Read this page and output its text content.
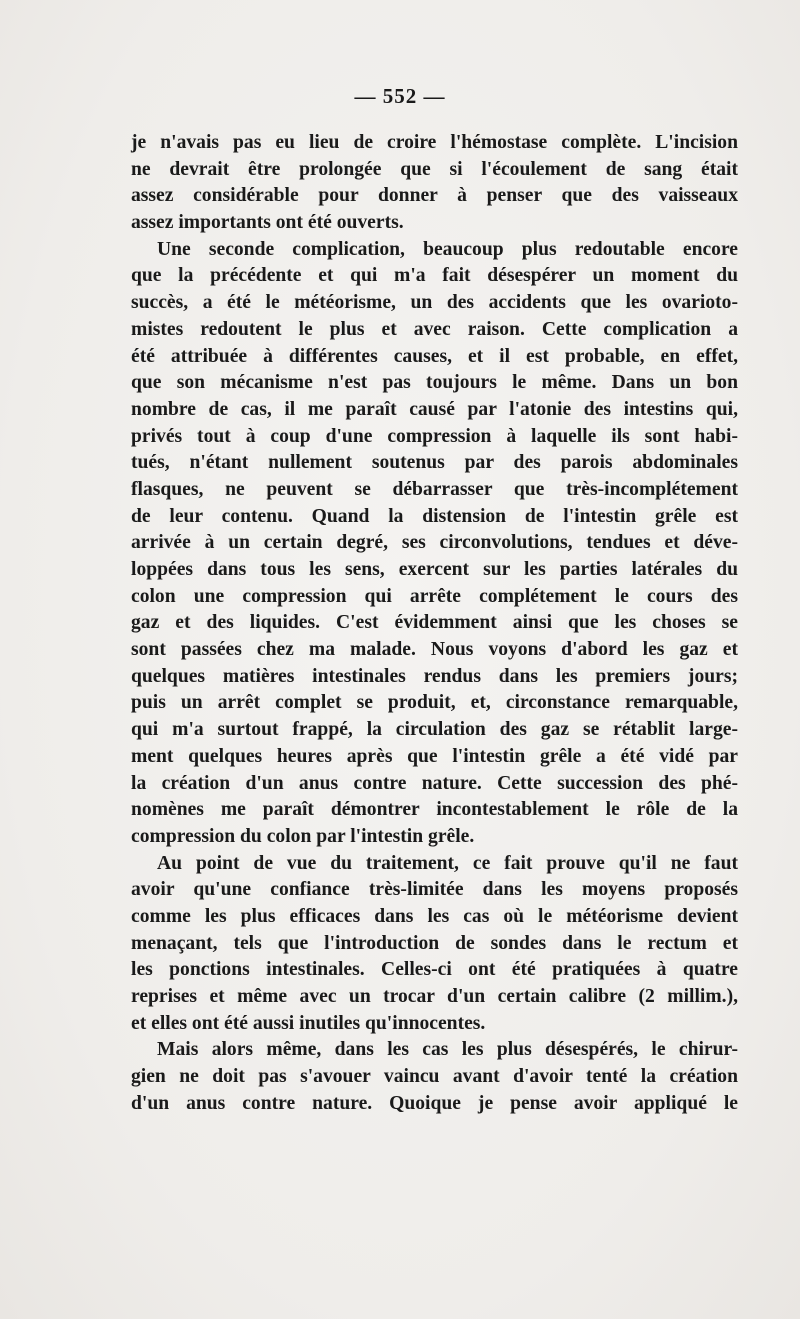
— 552 —
je n'avais pas eu lieu de croire l'hémostase complète. L'incision
ne devrait être prolongée que si l'écoulement de sang était
assez considérable pour donner à penser que des vaisseaux
assez importants ont été ouverts.
Une seconde complication, beaucoup plus redoutable encore
que la précédente et qui m'a fait désespérer un moment du
succès, a été le météorisme, un des accidents que les ovarioto-
mistes redoutent le plus et avec raison. Cette complication a
été attribuée à différentes causes, et il est probable, en effet,
que son mécanisme n'est pas toujours le même. Dans un bon
nombre de cas, il me paraît causé par l'atonie des intestins qui,
privés tout à coup d'une compression à laquelle ils sont habi-
tués, n'étant nullement soutenus par des parois abdominales
flasques, ne peuvent se débarrasser que très-incomplétement
de leur contenu. Quand la distension de l'intestin grêle est
arrivée à un certain degré, ses circonvolutions, tendues et déve-
loppées dans tous les sens, exercent sur les parties latérales du
colon une compression qui arrête complétement le cours des
gaz et des liquides. C'est évidemment ainsi que les choses se
sont passées chez ma malade. Nous voyons d'abord les gaz et
quelques matières intestinales rendus dans les premiers jours;
puis un arrêt complet se produit, et, circonstance remarquable,
qui m'a surtout frappé, la circulation des gaz se rétablit large-
ment quelques heures après que l'intestin grêle a été vidé par
la création d'un anus contre nature. Cette succession des phé-
nomènes me paraît démontrer incontestablement le rôle de la
compression du colon par l'intestin grêle.
Au point de vue du traitement, ce fait prouve qu'il ne faut
avoir qu'une confiance très-limitée dans les moyens proposés
comme les plus efficaces dans les cas où le météorisme devient
menaçant, tels que l'introduction de sondes dans le rectum et
les ponctions intestinales. Celles-ci ont été pratiquées à quatre
reprises et même avec un trocar d'un certain calibre (2 millim.),
et elles ont été aussi inutiles qu'innocentes.
Mais alors même, dans les cas les plus désespérés, le chirur-
gien ne doit pas s'avouer vaincu avant d'avoir tenté la création
d'un anus contre nature. Quoique je pense avoir appliqué le
